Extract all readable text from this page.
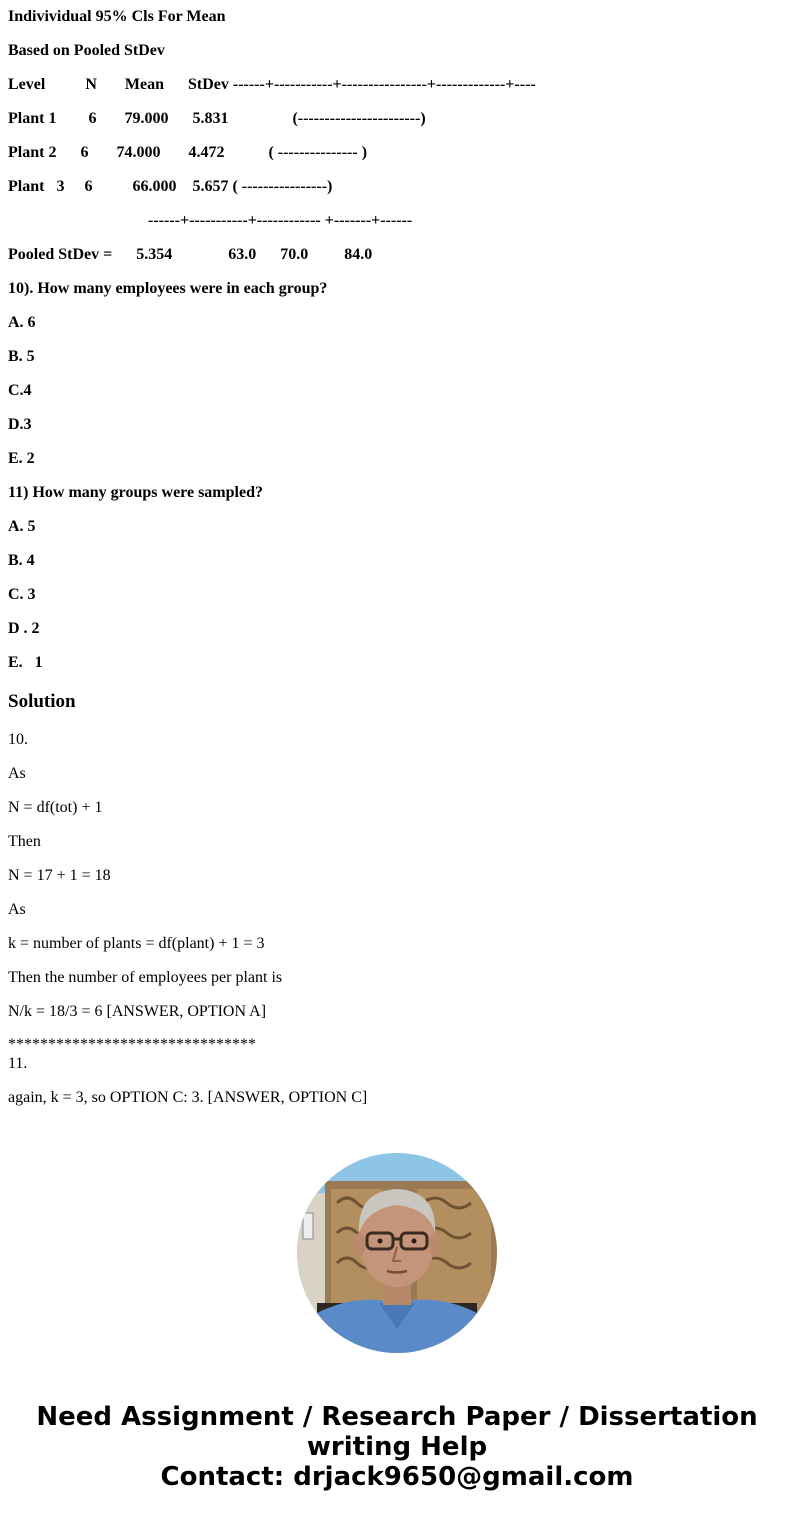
Indivividual 95% Cls For Mean
Based on Pooled StDev
Level          N       Mean      StDev ------+-----------+----------------+-------------+----
Plant 1        6       79.000      5.831                (-----------------------)
Plant 2      6       74.000       4.472           ( --------------- )
Plant   3     6          66.000    5.657 ( ----------------)
------+-----------+------------ +-------+------
Pooled StDev =      5.354              63.0      70.0         84.0
10). How many employees were in each group?
A. 6
B. 5
C.4
D.3
E. 2
11) How many groups were sampled?
A. 5
B. 4
C. 3
D . 2
E.   1
Solution
10.
As
N = df(tot) + 1
Then
N = 17 + 1 = 18
As
k = number of plants = df(plant) + 1 = 3
Then the number of employees per plant is
N/k = 18/3 = 6 [ANSWER, OPTION A]
*******************************
11.
again, k = 3, so OPTION C: 3. [ANSWER, OPTION C]
Need Assignment / Research Paper / Dissertation
writing Help
Contact: drjack9650@gmail.com
